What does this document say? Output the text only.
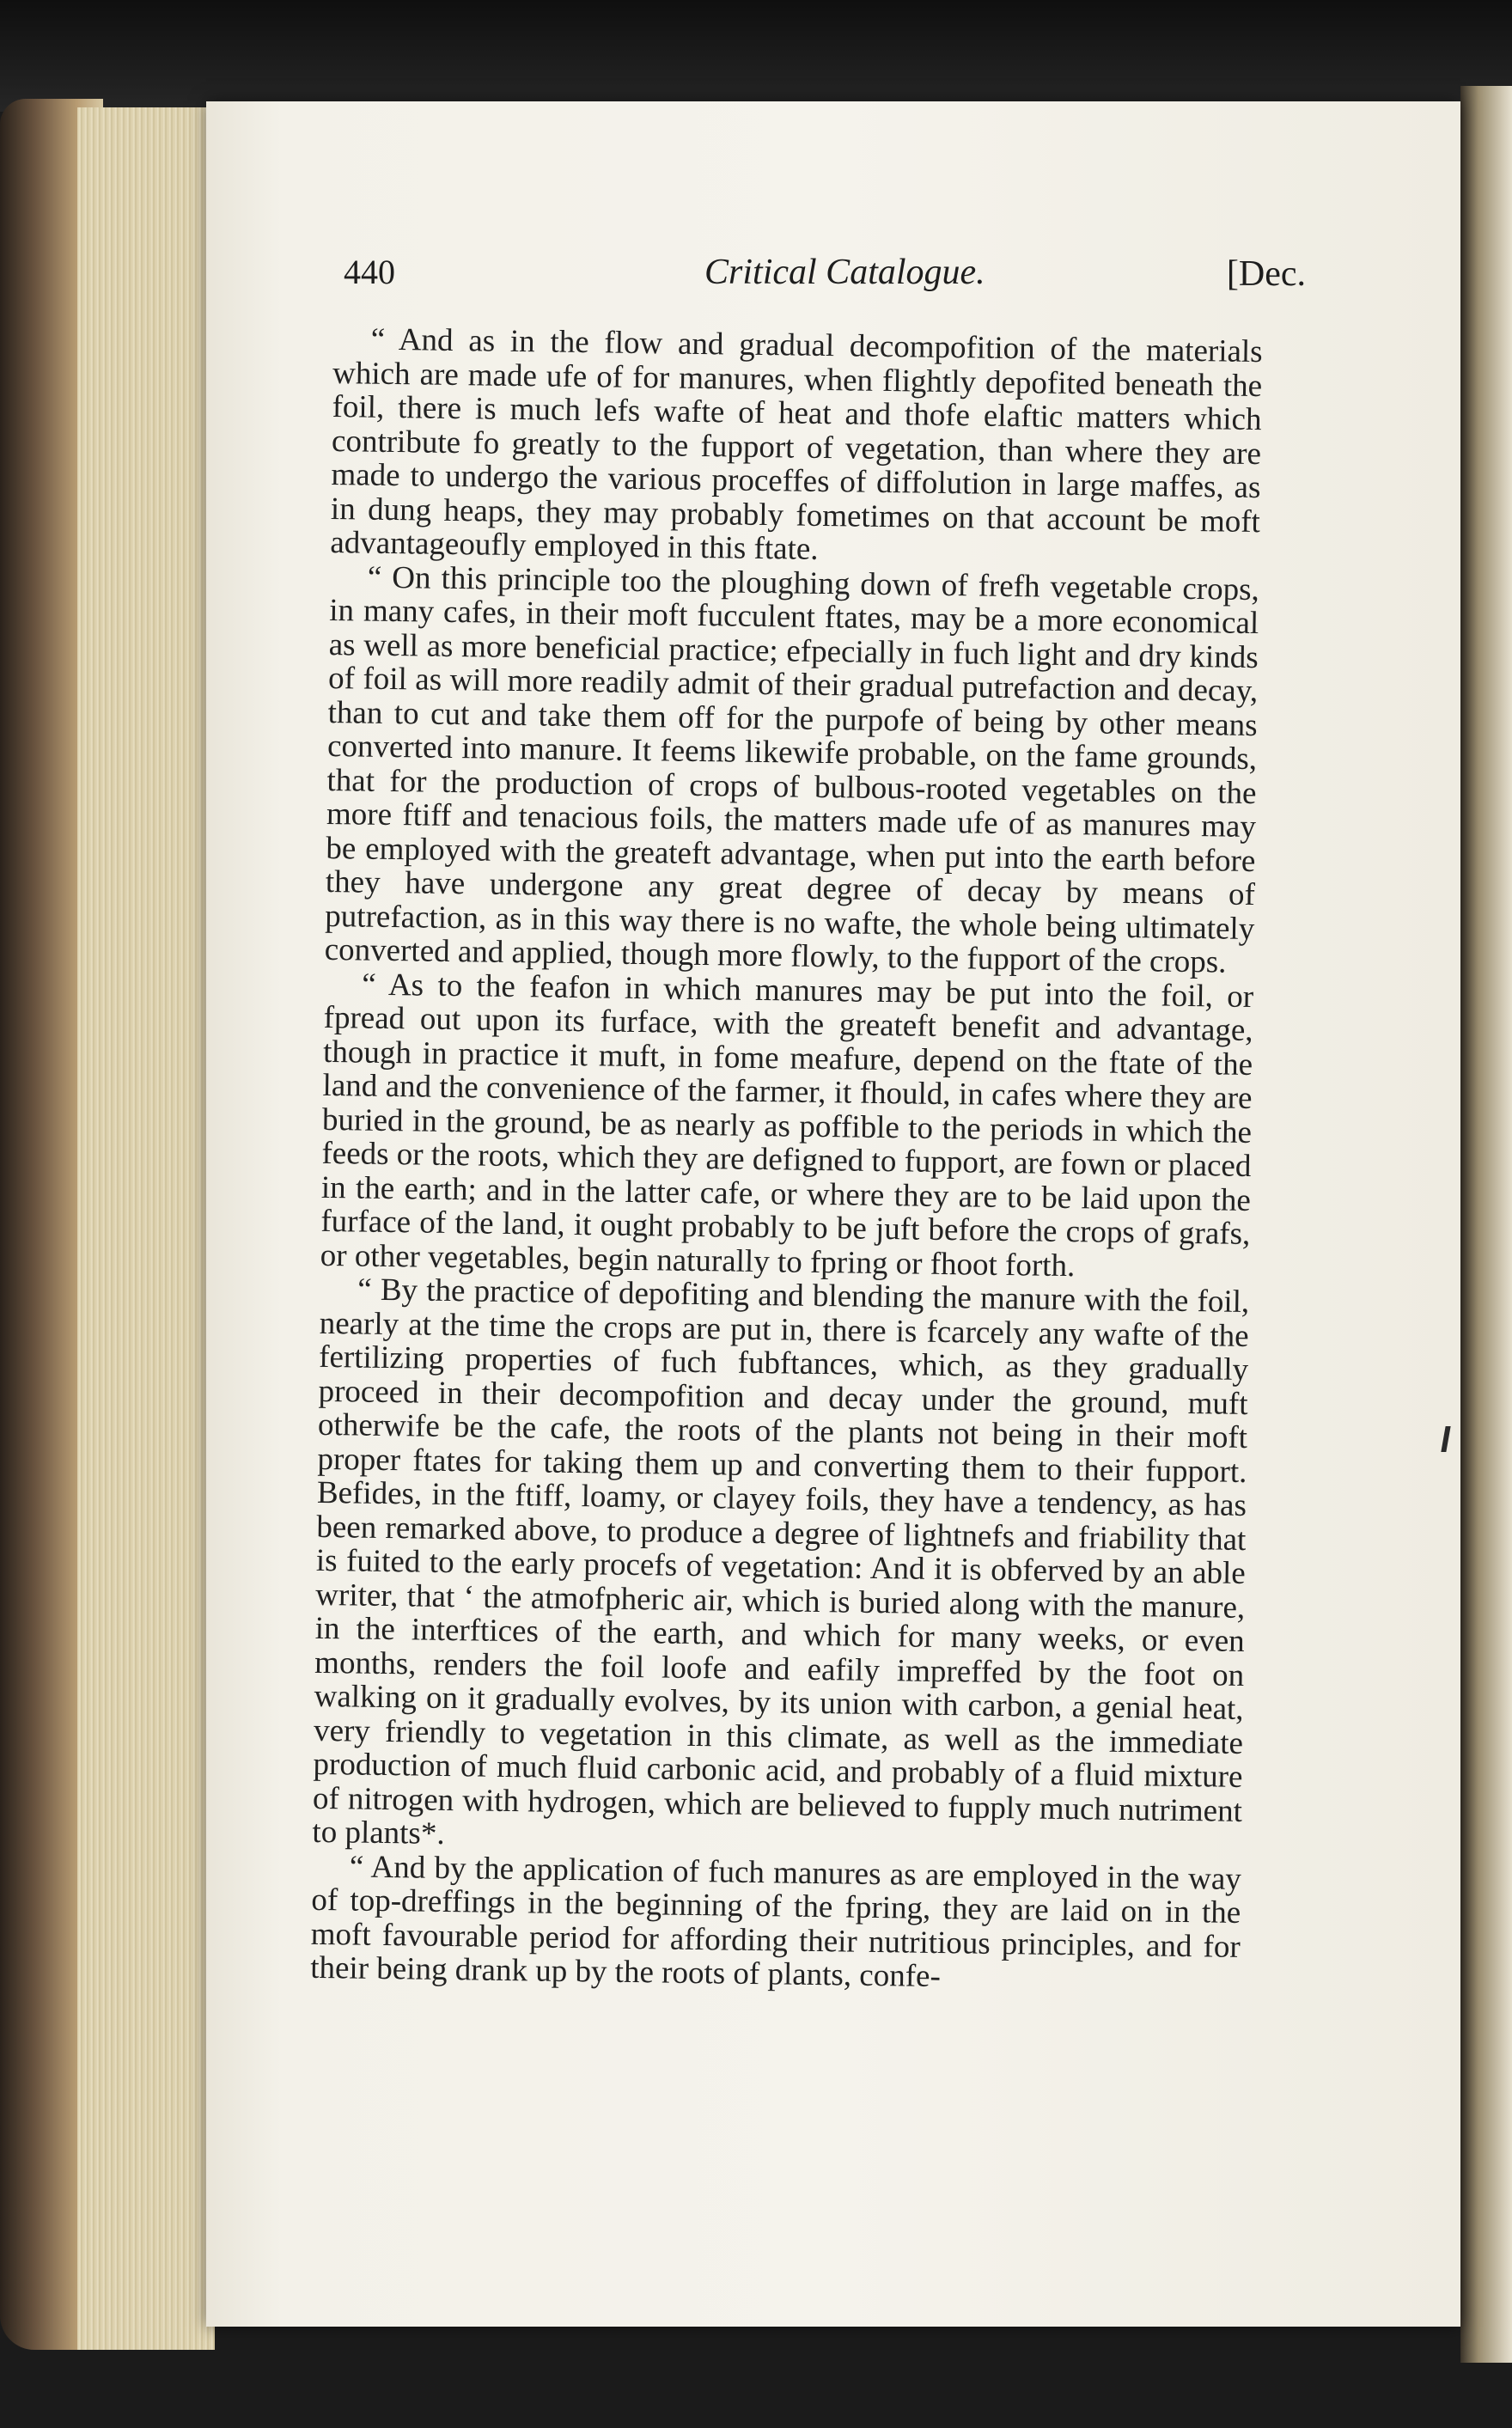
440	Critical Catalogue.	[Dec.

“ And as in the flow and gradual decompofition of the materials which are made ufe of for manures, when flightly depofited beneath the foil, there is much lefs wafte of heat and thofe elaftic matters which contribute fo greatly to the fupport of vegetation, than where they are made to undergo the various proceffes of diffolution in large maffes, as in dung heaps, they may probably fometimes on that account be moft advantageoufly employed in this ftate.

“ On this principle too the ploughing down of frefh vegetable crops, in many cafes, in their moft fucculent ftates, may be a more economical as well as more beneficial practice; efpecially in fuch light and dry kinds of foil as will more readily admit of their gradual putrefaction and decay, than to cut and take them off for the purpofe of being by other means converted into manure. It feems likewife probable, on the fame grounds, that for the production of crops of bulbous-rooted vegetables on the more ftiff and tenacious foils, the matters made ufe of as manures may be employed with the greateft advantage, when put into the earth before they have undergone any great degree of decay by means of putrefaction, as in this way there is no wafte, the whole being ultimately converted and applied, though more flowly, to the fupport of the crops.

“ As to the feafon in which manures may be put into the foil, or fpread out upon its furface, with the greateft benefit and advantage, though in practice it muft, in fome meafure, depend on the ftate of the land and the convenience of the farmer, it fhould, in cafes where they are buried in the ground, be as nearly as poffible to the periods in which the feeds or the roots, which they are defigned to fupport, are fown or placed in the earth; and in the latter cafe, or where they are to be laid upon the furface of the land, it ought probably to be juft before the crops of grafs, or other vegetables, begin naturally to fpring or fhoot forth.

“ By the practice of depofiting and blending the manure with the foil, nearly at the time the crops are put in, there is fcarcely any wafte of the fertilizing properties of fuch fubftances, which, as they gradually proceed in their decompofition and decay under the ground, muft otherwife be the cafe, the roots of the plants not being in their moft proper ftates for taking them up and converting them to their fupport. Befides, in the ftiff, loamy, or clayey foils, they have a tendency, as has been remarked above, to produce a degree of lightnefs and friability that is fuited to the early procefs of vegetation: And it is obferved by an able writer, that ‘ the atmofpheric air, which is buried along with the manure, in the interftices of the earth, and which for many weeks, or even months, renders the foil loofe and eafily impreffed by the foot on walking on it gradually evolves, by its union with carbon, a genial heat, very friendly to vegetation in this climate, as well as the immediate production of much fluid carbonic acid, and probably of a fluid mixture of nitrogen with hydrogen, which are believed to fupply much nutriment to plants*.

“ And by the application of fuch manures as are employed in the way of top-dreffings in the beginning of the fpring, they are laid on in the moft favourable period for affording their nutritious principles, and for their being drank up by the roots of plants, confe-
